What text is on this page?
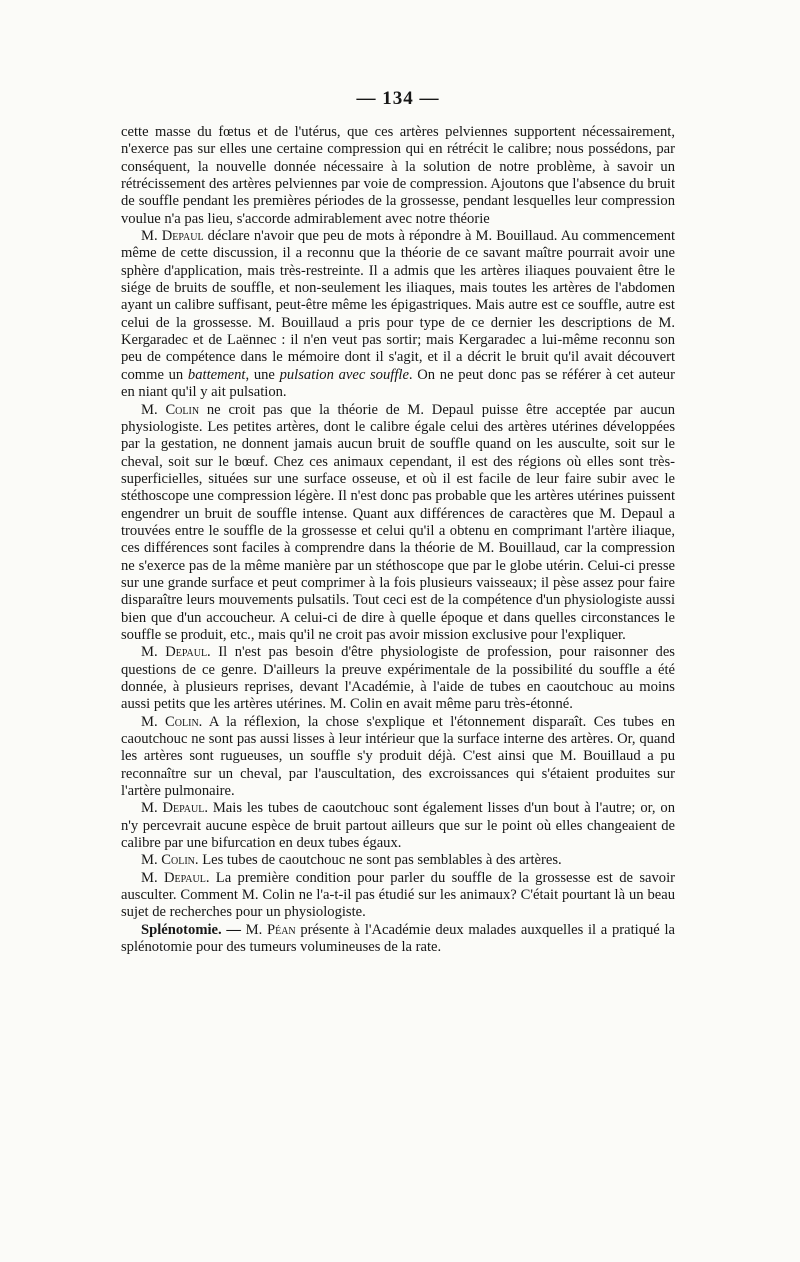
— 134 —

cette masse du fœtus et de l'utérus, que ces artères pelviennes supportent nécessairement, n'exerce pas sur elles une certaine compression qui en rétrécit le calibre; nous possédons, par conséquent, la nouvelle donnée nécessaire à la solution de notre problème, à savoir un rétrécissement des artères pelviennes par voie de compression. Ajoutons que l'absence du bruit de souffle pendant les premières périodes de la grossesse, pendant lesquelles leur compression voulue n'a pas lieu, s'accorde admirablement avec notre théorie

M. Depaul déclare n'avoir que peu de mots à répondre à M. Bouillaud. Au commencement même de cette discussion, il a reconnu que la théorie de ce savant maître pourrait avoir une sphère d'application, mais très-restreinte. Il a admis que les artères iliaques pouvaient être le siége de bruits de souffle, et non-seulement les iliaques, mais toutes les artères de l'abdomen ayant un calibre suffisant, peut-être même les épigastriques. Mais autre est ce souffle, autre est celui de la grossesse. M. Bouillaud a pris pour type de ce dernier les descriptions de M. Kergaradec et de Laënnec : il n'en veut pas sortir; mais Kergaradec a lui-même reconnu son peu de compétence dans le mémoire dont il s'agit, et il a décrit le bruit qu'il avait découvert comme un battement, une pulsation avec souffle. On ne peut donc pas se référer à cet auteur en niant qu'il y ait pulsation.

M. Colin ne croit pas que la théorie de M. Depaul puisse être acceptée par aucun physiologiste. Les petites artères, dont le calibre égale celui des artères utérines développées par la gestation, ne donnent jamais aucun bruit de souffle quand on les ausculte, soit sur le cheval, soit sur le bœuf. Chez ces animaux cependant, il est des régions où elles sont très-superficielles, situées sur une surface osseuse, et où il est facile de leur faire subir avec le stéthoscope une compression légère. Il n'est donc pas probable que les artères utérines puissent engendrer un bruit de souffle intense. Quant aux différences de caractères que M. Depaul a trouvées entre le souffle de la grossesse et celui qu'il a obtenu en comprimant l'artère iliaque, ces différences sont faciles à comprendre dans la théorie de M. Bouillaud, car la compression ne s'exerce pas de la même manière par un stéthoscope que par le globe utérin. Celui-ci presse sur une grande surface et peut comprimer à la fois plusieurs vaisseaux; il pèse assez pour faire disparaître leurs mouvements pulsatils. Tout ceci est de la compétence d'un physiologiste aussi bien que d'un accoucheur. A celui-ci de dire à quelle époque et dans quelles circonstances le souffle se produit, etc., mais qu'il ne croit pas avoir mission exclusive pour l'expliquer.

M. Depaul. Il n'est pas besoin d'être physiologiste de profession, pour raisonner des questions de ce genre. D'ailleurs la preuve expérimentale de la possibilité du souffle a été donnée, à plusieurs reprises, devant l'Académie, à l'aide de tubes en caoutchouc au moins aussi petits que les artères utérines. M. Colin en avait même paru très-étonné.

M. Colin. A la réflexion, la chose s'explique et l'étonnement disparaît. Ces tubes en caoutchouc ne sont pas aussi lisses à leur intérieur que la surface interne des artères. Or, quand les artères sont rugueuses, un souffle s'y produit déjà. C'est ainsi que M. Bouillaud a pu reconnaître sur un cheval, par l'auscultation, des excroissances qui s'étaient produites sur l'artère pulmonaire.

M. Depaul. Mais les tubes de caoutchouc sont également lisses d'un bout à l'autre; or, on n'y percevrait aucune espèce de bruit partout ailleurs que sur le point où elles changeaient de calibre par une bifurcation en deux tubes égaux.

M. Colin. Les tubes de caoutchouc ne sont pas semblables à des artères.

M. Depaul. La première condition pour parler du souffle de la grossesse est de savoir ausculter. Comment M. Colin ne l'a-t-il pas étudié sur les animaux? C'était pourtant là un beau sujet de recherches pour un physiologiste.

Splénotomie. — M. Péan présente à l'Académie deux malades auxquelles il a pratiqué la splénotomie pour des tumeurs volumineuses de la rate.
